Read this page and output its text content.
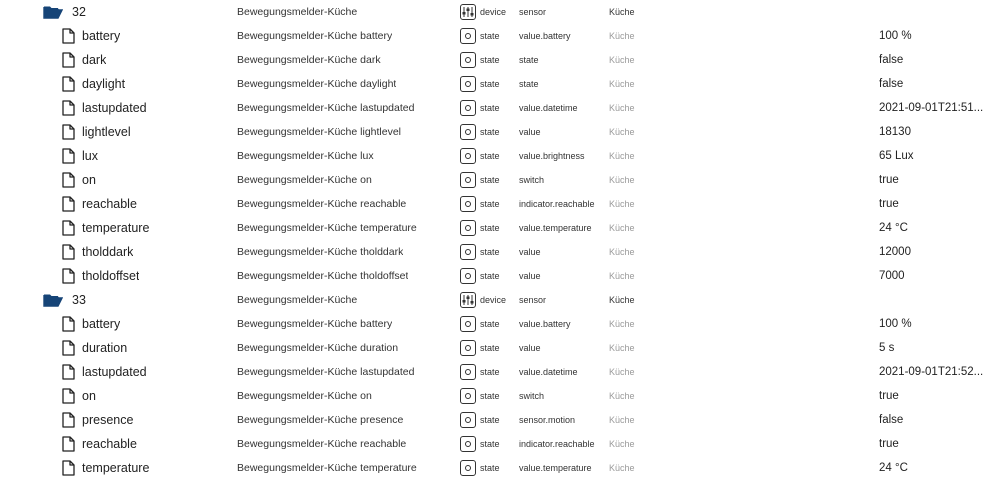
32	Bewegungsmelder-Küche	device sensor	Küche
battery	Bewegungsmelder-Küche battery	state value.battery	Küche	100 %
dark	Bewegungsmelder-Küche dark	state state	Küche	false
daylight	Bewegungsmelder-Küche daylight	state state	Küche	false
lastupdated	Bewegungsmelder-Küche lastupdated	state value.datetime	Küche	2021-09-01T21:51...
lightlevel	Bewegungsmelder-Küche lightlevel	state value	Küche	18130
lux	Bewegungsmelder-Küche lux	state value.brightness	Küche	65 Lux
on	Bewegungsmelder-Küche on	state switch	Küche	true
reachable	Bewegungsmelder-Küche reachable	state indicator.reachable Küche	true
temperature	Bewegungsmelder-Küche temperature	state value.temperature Küche	24 °C
tholddark	Bewegungsmelder-Küche tholddark	state value	Küche	12000
tholdoffset	Bewegungsmelder-Küche tholdoffset	state value	Küche	7000
33	Bewegungsmelder-Küche	device sensor	Küche
battery	Bewegungsmelder-Küche battery	state value.battery	Küche	100 %
duration	Bewegungsmelder-Küche duration	state value	Küche	5 s
lastupdated	Bewegungsmelder-Küche lastupdated	state value.datetime	Küche	2021-09-01T21:52...
on	Bewegungsmelder-Küche on	state switch	Küche	true
presence	Bewegungsmelder-Küche presence	state sensor.motion	Küche	false
reachable	Bewegungsmelder-Küche reachable	state indicator.reachable Küche	true
temperature	Bewegungsmelder-Küche temperature	state value.temperature Küche	24 °C
